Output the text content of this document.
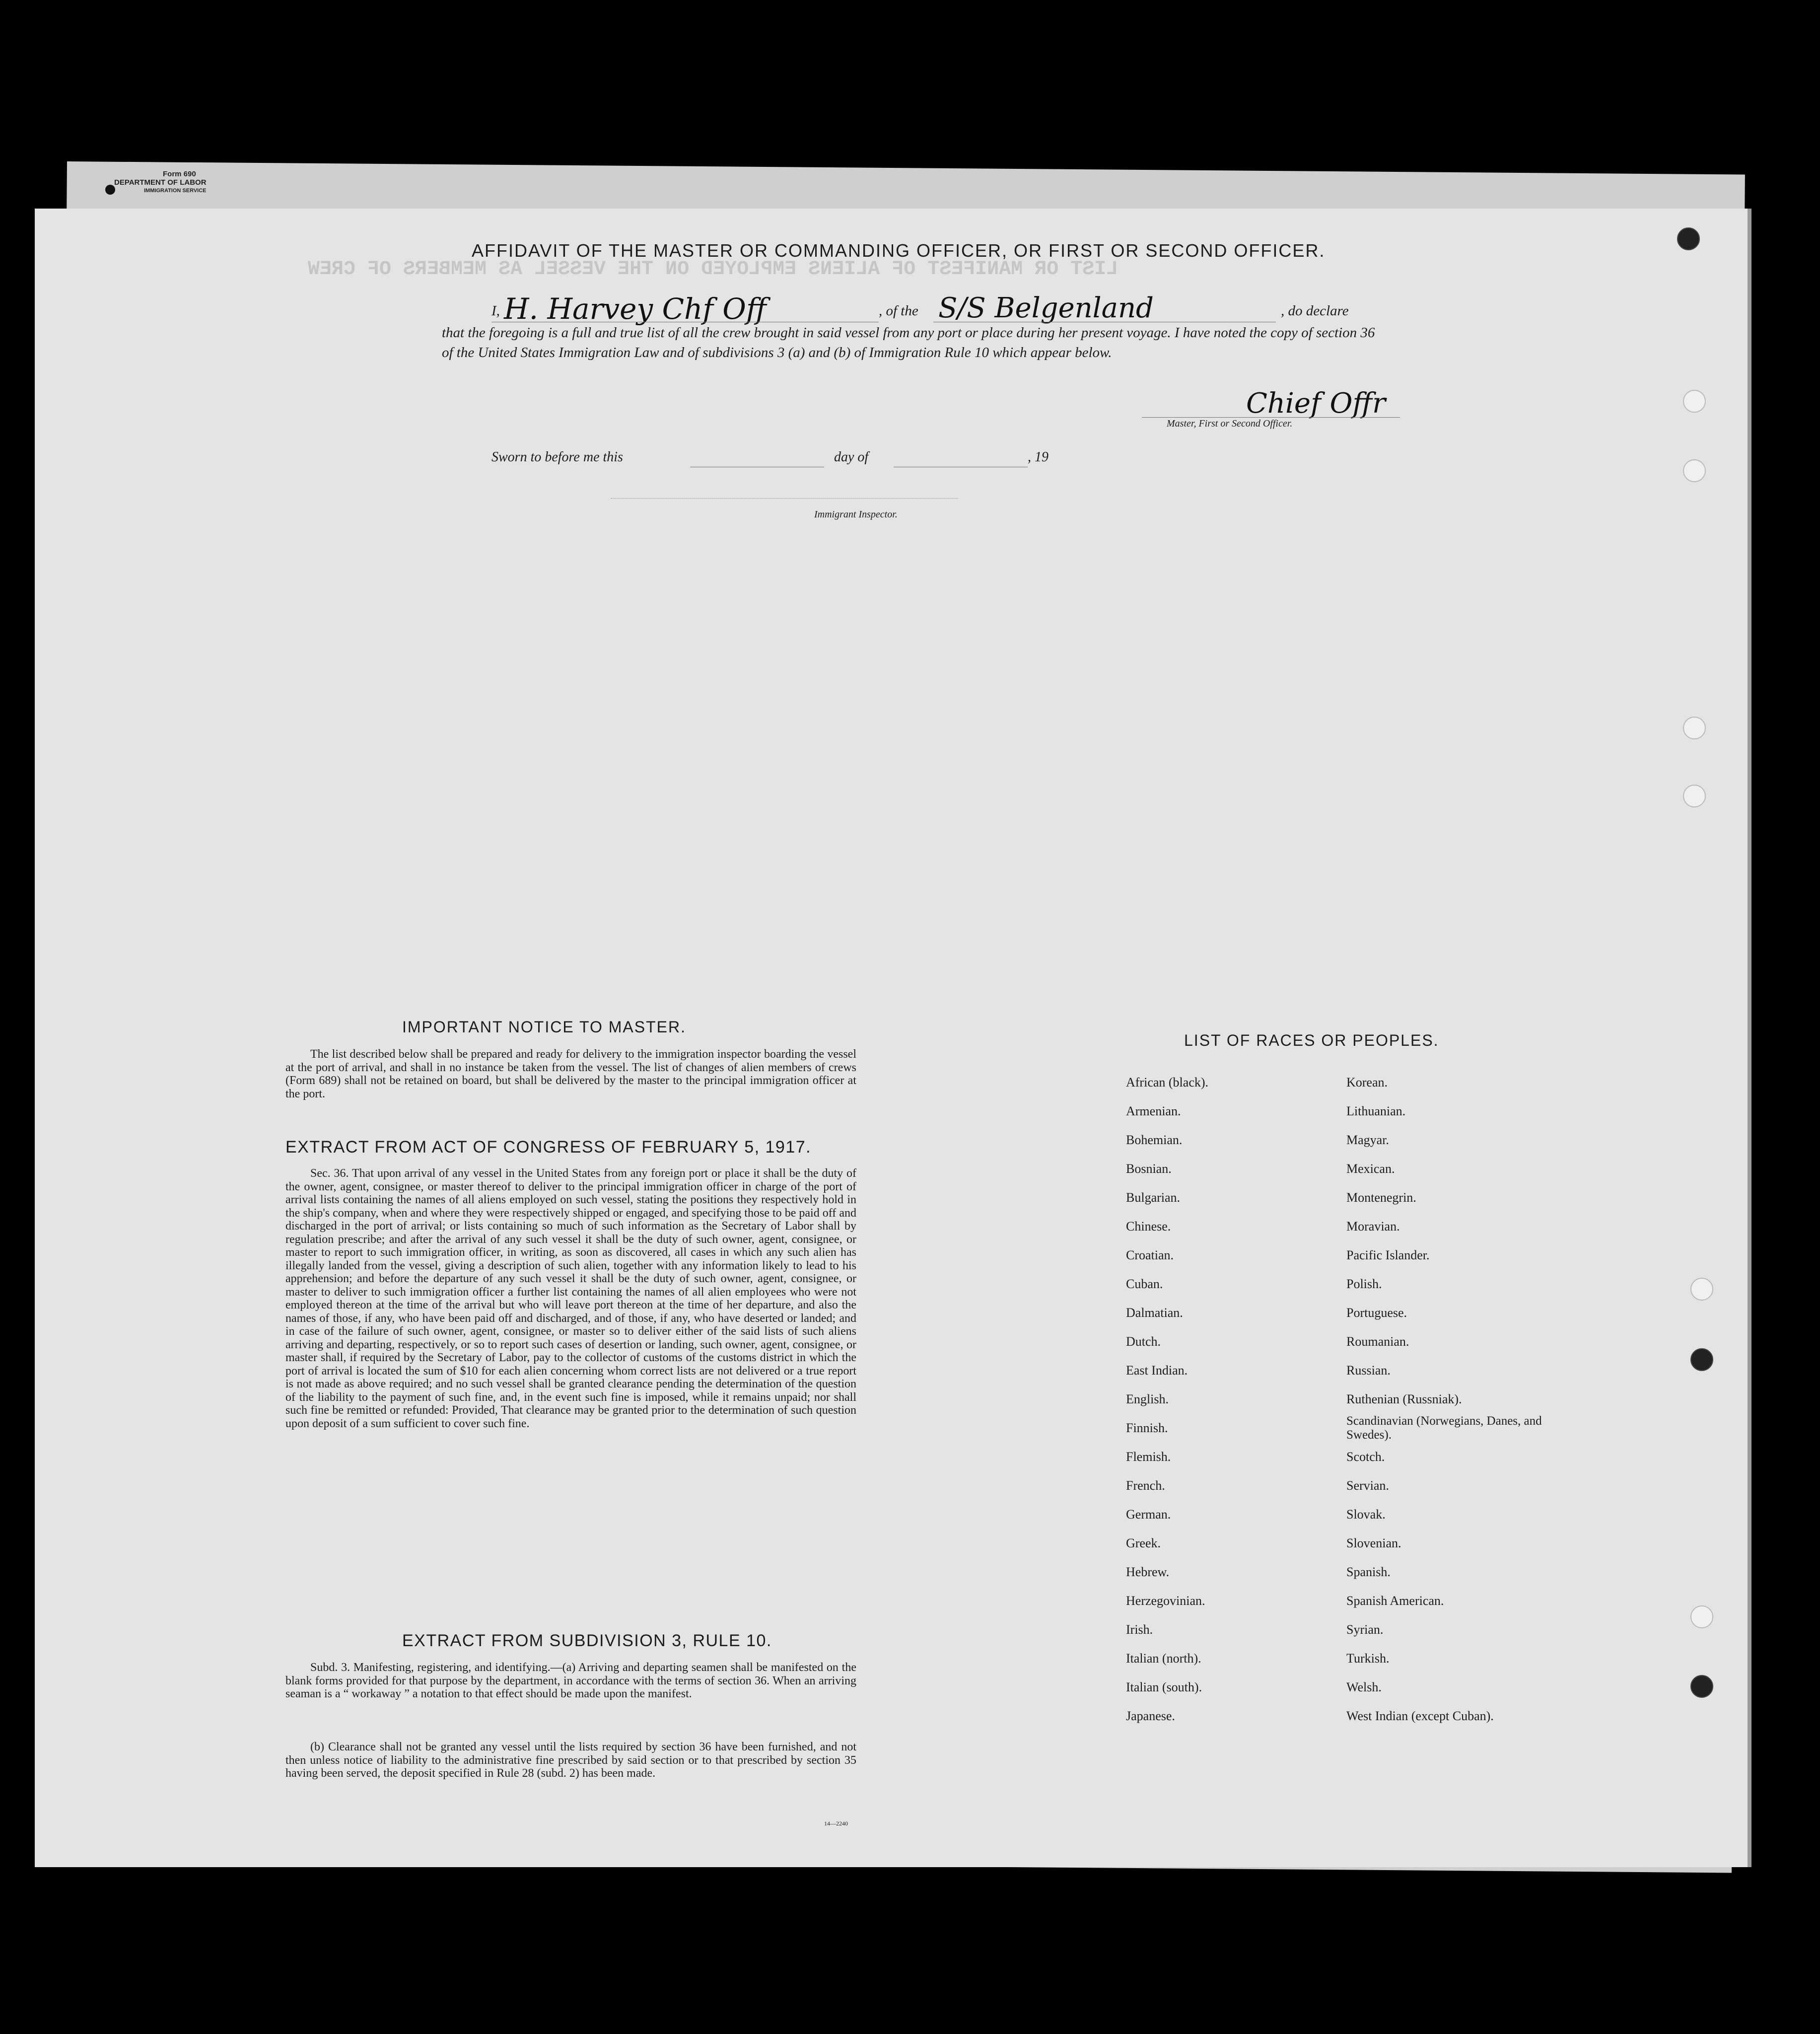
Form 690
DEPARTMENT OF LABOR
IMMIGRATION SERVICE
LIST OR MANIFEST OF ALIENS EMPLOYED ON THE VESSEL AS MEMBERS OF CREW
AFFIDAVIT OF THE MASTER OR COMMANDING OFFICER, OR FIRST OR SECOND OFFICER.
I, H. Harvey Chf Off	, of the S/S Belgenland	, do declare
that the foregoing is a full and true list of all the crew brought in said vessel from any port or place during her present voyage. I have noted the copy of section 36 of the United States Immigration Law and of subdivisions 3 (a) and (b) of Immigration Rule 10 which appear below.
Chief Offr
Master, First or Second Officer.
Sworn to before me this	day of	, 19
Immigrant Inspector.
IMPORTANT NOTICE TO MASTER.
The list described below shall be prepared and ready for delivery to the immigration inspector boarding the vessel at the port of arrival, and shall in no instance be taken from the vessel. The list of changes of alien members of crews (Form 689) shall not be retained on board, but shall be delivered by the master to the principal immigration officer at the port.
EXTRACT FROM ACT OF CONGRESS OF FEBRUARY 5, 1917.
Sec. 36. That upon arrival of any vessel in the United States from any foreign port or place it shall be the duty of the owner, agent, consignee, or master thereof to deliver to the principal immigration officer in charge of the port of arrival lists containing the names of all aliens employed on such vessel, stating the positions they respectively hold in the ship's company, when and where they were respectively shipped or engaged, and specifying those to be paid off and discharged in the port of arrival; or lists containing so much of such information as the Secretary of Labor shall by regulation prescribe; and after the arrival of any such vessel it shall be the duty of such owner, agent, consignee, or master to report to such immigration officer, in writing, as soon as discovered, all cases in which any such alien has illegally landed from the vessel, giving a description of such alien, together with any information likely to lead to his apprehension; and before the departure of any such vessel it shall be the duty of such owner, agent, consignee, or master to deliver to such immigration officer a further list containing the names of all alien employees who were not employed thereon at the time of the arrival but who will leave port thereon at the time of her departure, and also the names of those, if any, who have been paid off and discharged, and of those, if any, who have deserted or landed; and in case of the failure of such owner, agent, consignee, or master so to deliver either of the said lists of such aliens arriving and departing, respectively, or so to report such cases of desertion or landing, such owner, agent, consignee, or master shall, if required by the Secretary of Labor, pay to the collector of customs of the customs district in which the port of arrival is located the sum of $10 for each alien concerning whom correct lists are not delivered or a true report is not made as above required; and no such vessel shall be granted clearance pending the determination of the question of the liability to the payment of such fine, and, in the event such fine is imposed, while it remains unpaid; nor shall such fine be remitted or refunded: Provided, That clearance may be granted prior to the determination of such question upon deposit of a sum sufficient to cover such fine.
EXTRACT FROM SUBDIVISION 3, RULE 10.
Subd. 3. Manifesting, registering, and identifying.—(a) Arriving and departing seamen shall be manifested on the blank forms provided for that purpose by the department, in accordance with the terms of section 36. When an arriving seaman is a “ workaway ” a notation to that effect should be made upon the manifest.
(b) Clearance shall not be granted any vessel until the lists required by section 36 have been furnished, and not then unless notice of liability to the administrative fine prescribed by said section or to that prescribed by section 35 having been served, the deposit specified in Rule 28 (subd. 2) has been made.
14—2240
LIST OF RACES OR PEOPLES.
African (black).
Armenian.
Bohemian.
Bosnian.
Bulgarian.
Chinese.
Croatian.
Cuban.
Dalmatian.
Dutch.
East Indian.
English.
Finnish.
Flemish.
French.
German.
Greek.
Hebrew.
Herzegovinian.
Irish.
Italian (north).
Italian (south).
Japanese.
Korean.
Lithuanian.
Magyar.
Mexican.
Montenegrin.
Moravian.
Pacific Islander.
Polish.
Portuguese.
Roumanian.
Russian.
Ruthenian (Russniak).
Scandinavian (Norwegians, Danes, and Swedes).
Scotch.
Servian.
Slovak.
Slovenian.
Spanish.
Spanish American.
Syrian.
Turkish.
Welsh.
West Indian (except Cuban).
